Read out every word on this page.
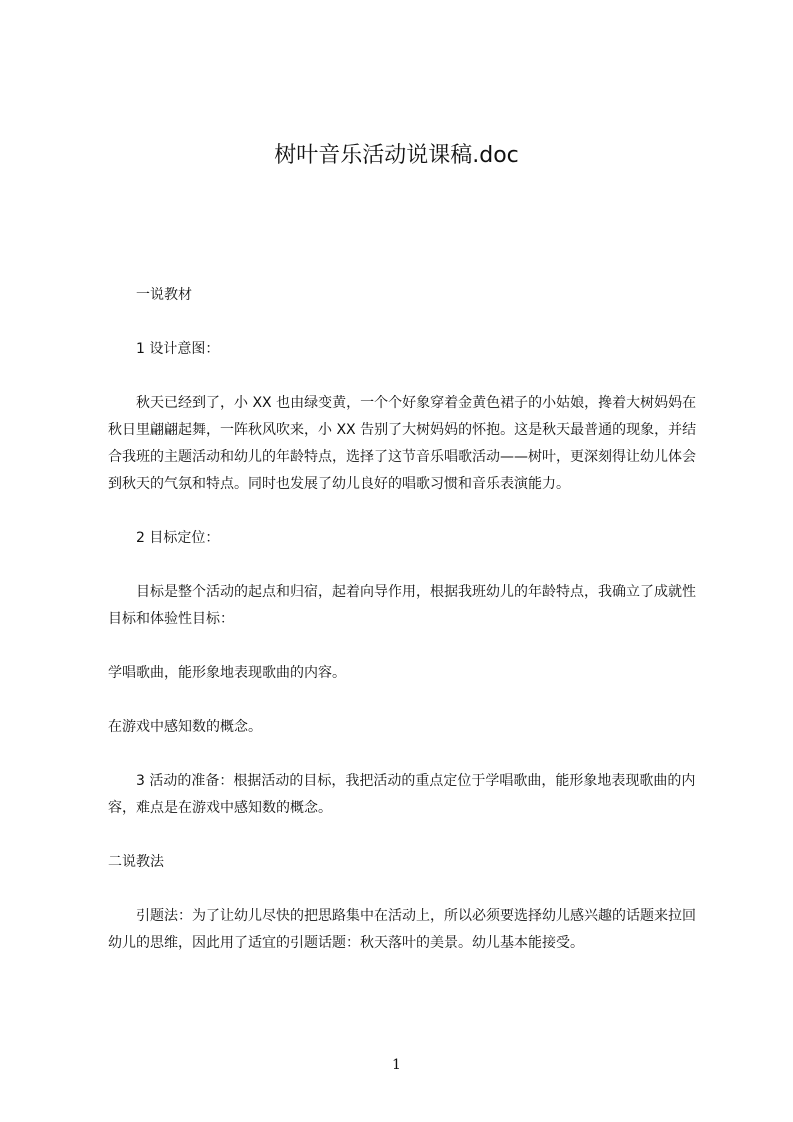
树叶音乐活动说课稿.doc

一说教材

1 设计意图：

秋天已经到了，小 XX 也由绿变黄，一个个好象穿着金黄色裙子的小姑娘，搀着大树妈妈在秋日里翩翩起舞，一阵秋风吹来，小 XX 告别了大树妈妈的怀抱。这是秋天最普通的现象，并结合我班的主题活动和幼儿的年龄特点，选择了这节音乐唱歌活动——树叶，更深刻得让幼儿体会到秋天的气氛和特点。同时也发展了幼儿良好的唱歌习惯和音乐表演能力。

2 目标定位：

目标是整个活动的起点和归宿，起着向导作用，根据我班幼儿的年龄特点，我确立了成就性目标和体验性目标：

学唱歌曲，能形象地表现歌曲的内容。

在游戏中感知数的概念。

3 活动的准备：根据活动的目标，我把活动的重点定位于学唱歌曲，能形象地表现歌曲的内容，难点是在游戏中感知数的概念。

二说教法

引题法：为了让幼儿尽快的把思路集中在活动上，所以必须要选择幼儿感兴趣的话题来拉回幼儿的思维，因此用了适宜的引题话题：秋天落叶的美景。幼儿基本能接受。

1
